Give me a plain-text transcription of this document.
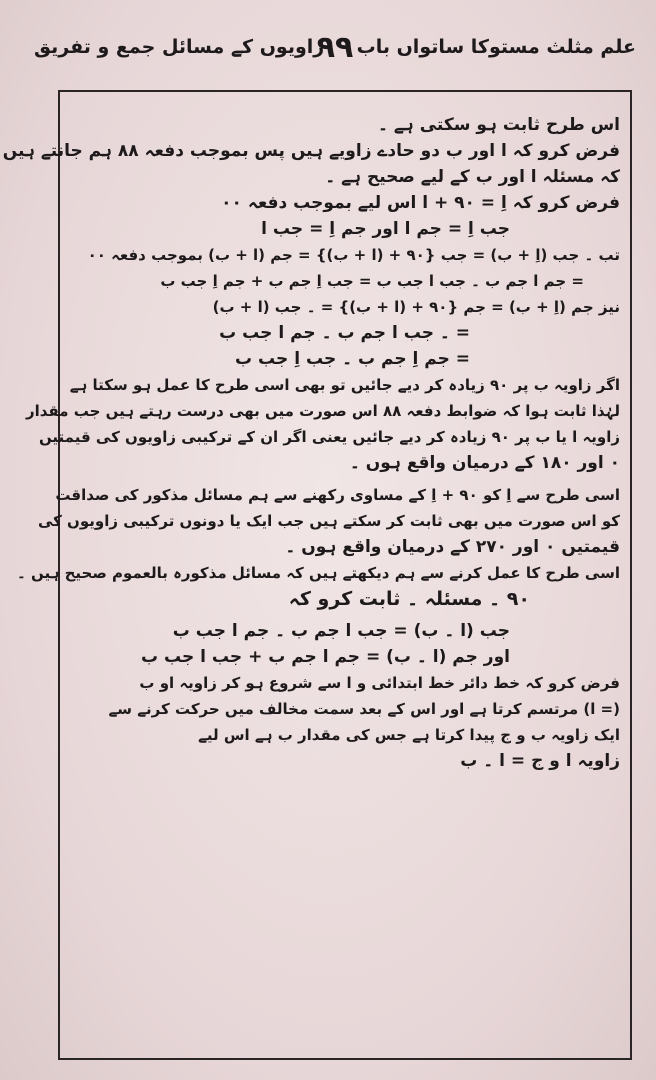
علم مثلث مستوکا ساتواں باب
۹۹
زاویوں کے مسائل جمع و تفریق
اس طرح ثابت ہو سکتی ہے ۔
فرض کرو کہ ا اور ب دو حادے زاویے ہیں پس بموجب دفعہ ۸۸ ہم جانتے ہیں
کہ مسئلہ ا اور ب کے لیے صحیح ہے ۔
فرض کرو کہ اِ = ۹۰ + ا اس لیے بموجب دفعہ ۰۰
جب اِ = جم ا اور جم اِ = جب ا
تب ۔ جب (اِ + ب) = جب {۹۰ + (ا + ب)} = جم (ا + ب) بموجب دفعہ ۰۰
= جم ا جم ب ۔ جب ا جب ب = جب اِ جم ب + جم اِ جب ب
نیز جم (اِ + ب) = جم {۹۰ + (ا + ب)} = ۔ جب (ا + ب)
= ۔ جب ا جم ب ۔ جم ا جب ب
= جم اِ جم ب ۔ جب اِ جب ب
اگر زاویہ ب پر ۹۰ زیادہ کر دیے جائیں تو بھی اسی طرح کا عمل ہو سکتا ہے
لہٰذا ثابت ہوا کہ ضوابط دفعہ ۸۸ اس صورت میں بھی درست رہتے ہیں جب مقدار
زاویہ ا یا ب پر ۹۰ زیادہ کر دیے جائیں یعنی اگر ان کے ترکیبی زاویوں کی قیمتیں
۰ اور ۱۸۰ کے درمیان واقع ہوں ۔
اسی طرح سے اِ کو ۹۰ + اِ کے مساوی رکھنے سے ہم مسائل مذکور کی صداقت
کو اس صورت میں بھی ثابت کر سکتے ہیں جب ایک یا دونوں ترکیبی زاویوں کی
قیمتیں ۰ اور ۲۷۰ کے درمیان واقع ہوں ۔
اسی طرح کا عمل کرنے سے ہم دیکھتے ہیں کہ مسائل مذکورہ بالعموم صحیح ہیں ۔
۹۰ ۔ مسئلہ ۔ ثابت کرو کہ
جب (ا ۔ ب) = جب ا جم ب ۔ جم ا جب ب
اور جم (ا ۔ ب) = جم ا جم ب + جب ا جب ب
فرض کرو کہ خط دائر خط ابتدائی و ا سے شروع ہو کر زاویہ او ب
(= ا) مرتسم کرتا ہے اور اس کے بعد سمت مخالف میں حرکت کرنے سے
ایک زاویہ ب و ج پیدا کرتا ہے جس کی مقدار ب ہے اس لیے
زاویہ ا و ج = ا ۔ ب
